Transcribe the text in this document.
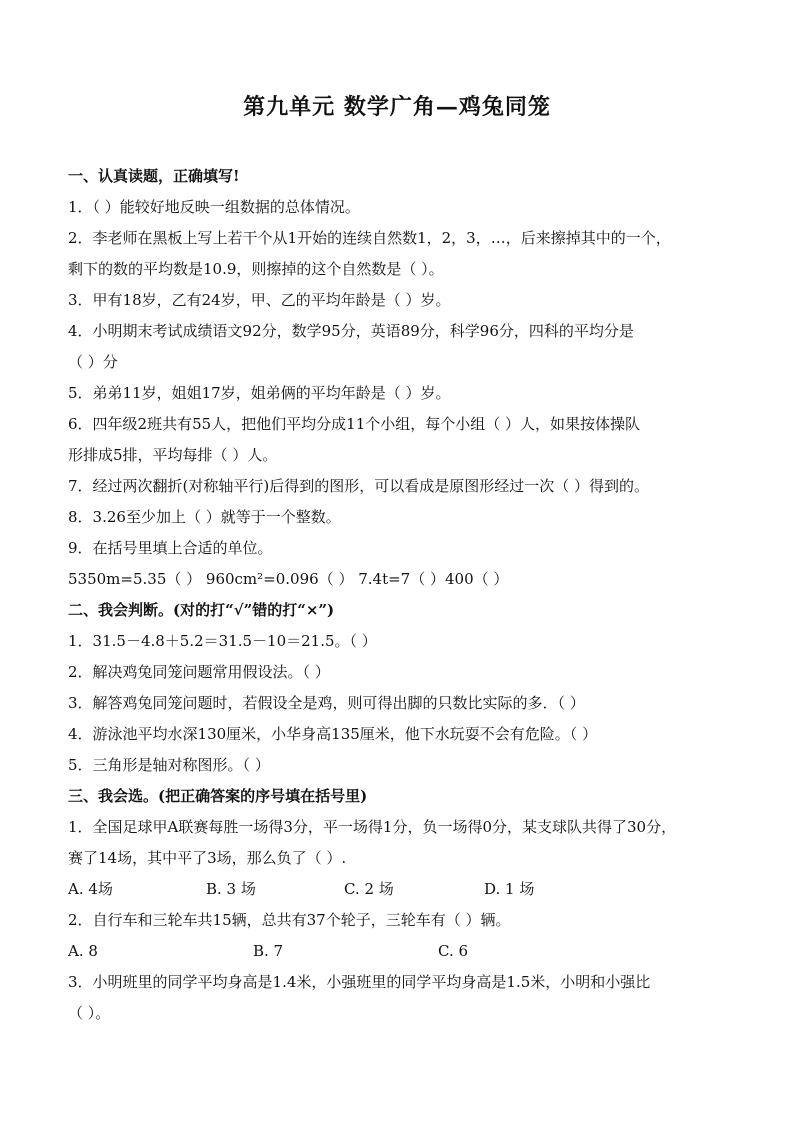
第九单元 数学广角—鸡兔同笼
一、认真读题，正确填写!
1．（ ）能较好地反映一组数据的总体情况。
2．李老师在黑板上写上若干个从1开始的连续自然数1，2，3，…，后来擦掉其中的一个，
剩下的数的平均数是10.9，则擦掉的这个自然数是（ ）。
3．甲有18岁，乙有24岁，甲、乙的平均年龄是（ ）岁。
4．小明期末考试成绩语文92分，数学95分，英语89分，科学96分，四科的平均分是
（ ）分
5．弟弟11岁，姐姐17岁，姐弟俩的平均年龄是（ ）岁。
6．四年级2班共有55人，把他们平均分成11个小组，每个小组（ ）人，如果按体操队
形排成5排，平均每排（ ）人。
7．经过两次翻折(对称轴平行)后得到的图形，可以看成是原图形经过一次（ ）得到的。
8．3.26至少加上（ ）就等于一个整数。
9．在括号里填上合适的单位。
5350m=5.35（ ） 960cm²=0.096（ ） 7.4t=7（ ）400（ ）
二、我会判断。(对的打“√”错的打“×”)
1．31.5－4.8＋5.2＝31.5－10＝21.5。（ ）
2．解决鸡兔同笼问题常用假设法。（ ）
3．解答鸡兔同笼问题时，若假设全是鸡，则可得出脚的只数比实际的多．（ ）
4．游泳池平均水深130厘米，小华身高135厘米，他下水玩耍不会有危险。（ ）
5．三角形是轴对称图形。（ ）
三、我会选。(把正确答案的序号填在括号里)
1．全国足球甲A联赛每胜一场得3分，平一场得1分，负一场得0分，某支球队共得了30分，
赛了14场，其中平了3场，那么负了（ ）.
A. 4场	B. 3 场	C. 2 场	D. 1 场
2．自行车和三轮车共15辆，总共有37个轮子，三轮车有（ ）辆。
A. 8	B. 7	C. 6
3．小明班里的同学平均身高是1.4米，小强班里的同学平均身高是1.5米，小明和小强比
（ ）。
